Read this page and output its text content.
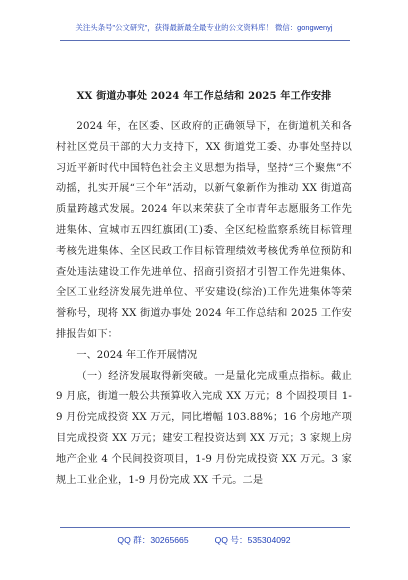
关注头条号"公文研究"，获得最新最全最专业的公文资料库！ 微信：gongwenyj
XX 街道办事处 2024 年工作总结和 2025 年工作安排

2024 年，在区委、区政府的正确领导下，在街道机关和各村社区党员干部的大力支持下，XX 街道党工委、办事处坚持以习近平新时代中国特色社会主义思想为指导，坚持“三个聚焦”不动摇，扎实开展“三个年”活动，以新气象新作为推动 XX 街道高质量跨越式发展。2024 年以来荣获了全市青年志愿服务工作先进集体、宣城市五四红旗团(工)委、全区纪检监察系统目标管理考核先进集体、全区民政工作目标管理绩效考核优秀单位预防和查处违法建设工作先进单位、招商引资招才引智工作先进集体、全区工业经济发展先进单位、平安建设(综治)工作先进集体等荣誉称号，现将 XX 街道办事处 2024 年工作总结和 2025 工作安排报告如下：

一、2024 年工作开展情况

（一）经济发展取得新突破。一是量化完成重点指标。截止 9 月底，街道一般公共预算收入完成 XX 万元；8 个固投项目 1-9 月份完成投资 XX 万元，同比增幅 103.88%；16 个房地产项目完成投资 XX 万元；建安工程投资达到 XX 万元；3 家规上房地产企业 4 个民间投资项目，1-9 月份完成投资 XX 万元。3 家规上工业企业，1-9 月份完成 XX 千元。二是

QQ 群：30265665	QQ 号：535304092
